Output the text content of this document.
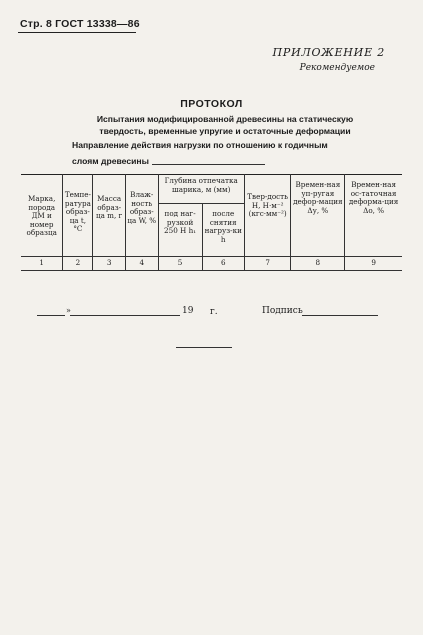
Стр. 8 ГОСТ 13338—86
ПРИЛОЖЕНИЕ 2
Рекомендуемое
ПРОТОКОЛ
Испытания модифицированной древесины на статическую
твердость, временные упругие и остаточные деформации
Направление действия нагрузки по отношению к годичным
слоям древесины
Марка, порода ДМ и номер образца	Темпе-ратура образ-ца t, °С	Масса образ-ца m, г	Влаж-ность образ-ца W, %	Глубина отпечатка шарика, м (мм)		Твер-дость H, Н·м⁻² (кгс·мм⁻²)	Времен-ная уп-ругая дефор-мация Δу, %	Времен-ная ос-таточная деформа-ция Δо, %
				под наг-рузкой 250 Н h₁	после снятия нагруз-ки h			
1	2	3	4	5	6	7	8	9
»	19 г.	Подпись
